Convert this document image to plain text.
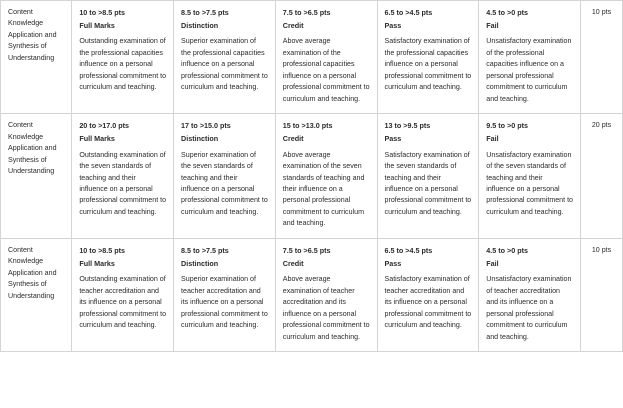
Content Knowledge Application and Synthesis of Understanding	10 to >8.5 pts
Full Marks
Outstanding examination of the professional capacities influence on a personal professional commitment to curriculum and teaching.	8.5 to >7.5 pts
Distinction
Superior examination of the professional capacities influence on a personal professional commitment to curriculum and teaching.	7.5 to >6.5 pts
Credit
Above average examination of the professional capacities influence on a personal professional commitment to curriculum and teaching.	6.5 to >4.5 pts
Pass
Satisfactory examination of the professional capacities influence on a personal professional commitment to curriculum and teaching.	4.5 to >0 pts
Fail
Unsatisfactory examination of the professional capacities influence on a personal professional commitment to curriculum and teaching.	10 pts

Content Knowledge Application and Synthesis of Understanding	20 to >17.0 pts
Full Marks
Outstanding examination of the seven standards of teaching and their influence on a personal professional commitment to curriculum and teaching.	17 to >15.0 pts
Distinction
Superior examination of the seven standards of teaching and their influence on a personal professional commitment to curriculum and teaching.	15 to >13.0 pts
Credit
Above average examination of the seven standards of teaching and their influence on a personal professional commitment to curriculum and teaching.	13 to >9.5 pts
Pass
Satisfactory examination of the seven standards of teaching and their influence on a personal professional commitment to curriculum and teaching.	9.5 to >0 pts
Fail
Unsatisfactory examination of the seven standards of teaching and their influence on a personal professional commitment to curriculum and teaching.	20 pts

Content Knowledge Application and Synthesis of Understanding	10 to >8.5 pts
Full Marks
Outstanding examination of teacher accreditation and its influence on a personal professional commitment to curriculum and teaching.	8.5 to >7.5 pts
Distinction
Superior examination of teacher accreditation and its influence on a personal professional commitment to curriculum and teaching.	7.5 to >6.5 pts
Credit
Above average examination of teacher accreditation and its influence on a personal professional commitment to curriculum and teaching.	6.5 to >4.5 pts
Pass
Satisfactory examination of teacher accreditation and its influence on a personal professional commitment to curriculum and teaching.	4.5 to >0 pts
Fail
Unsatisfactory examination of teacher accreditation and its influence on a personal professional commitment to curriculum and teaching.	10 pts
